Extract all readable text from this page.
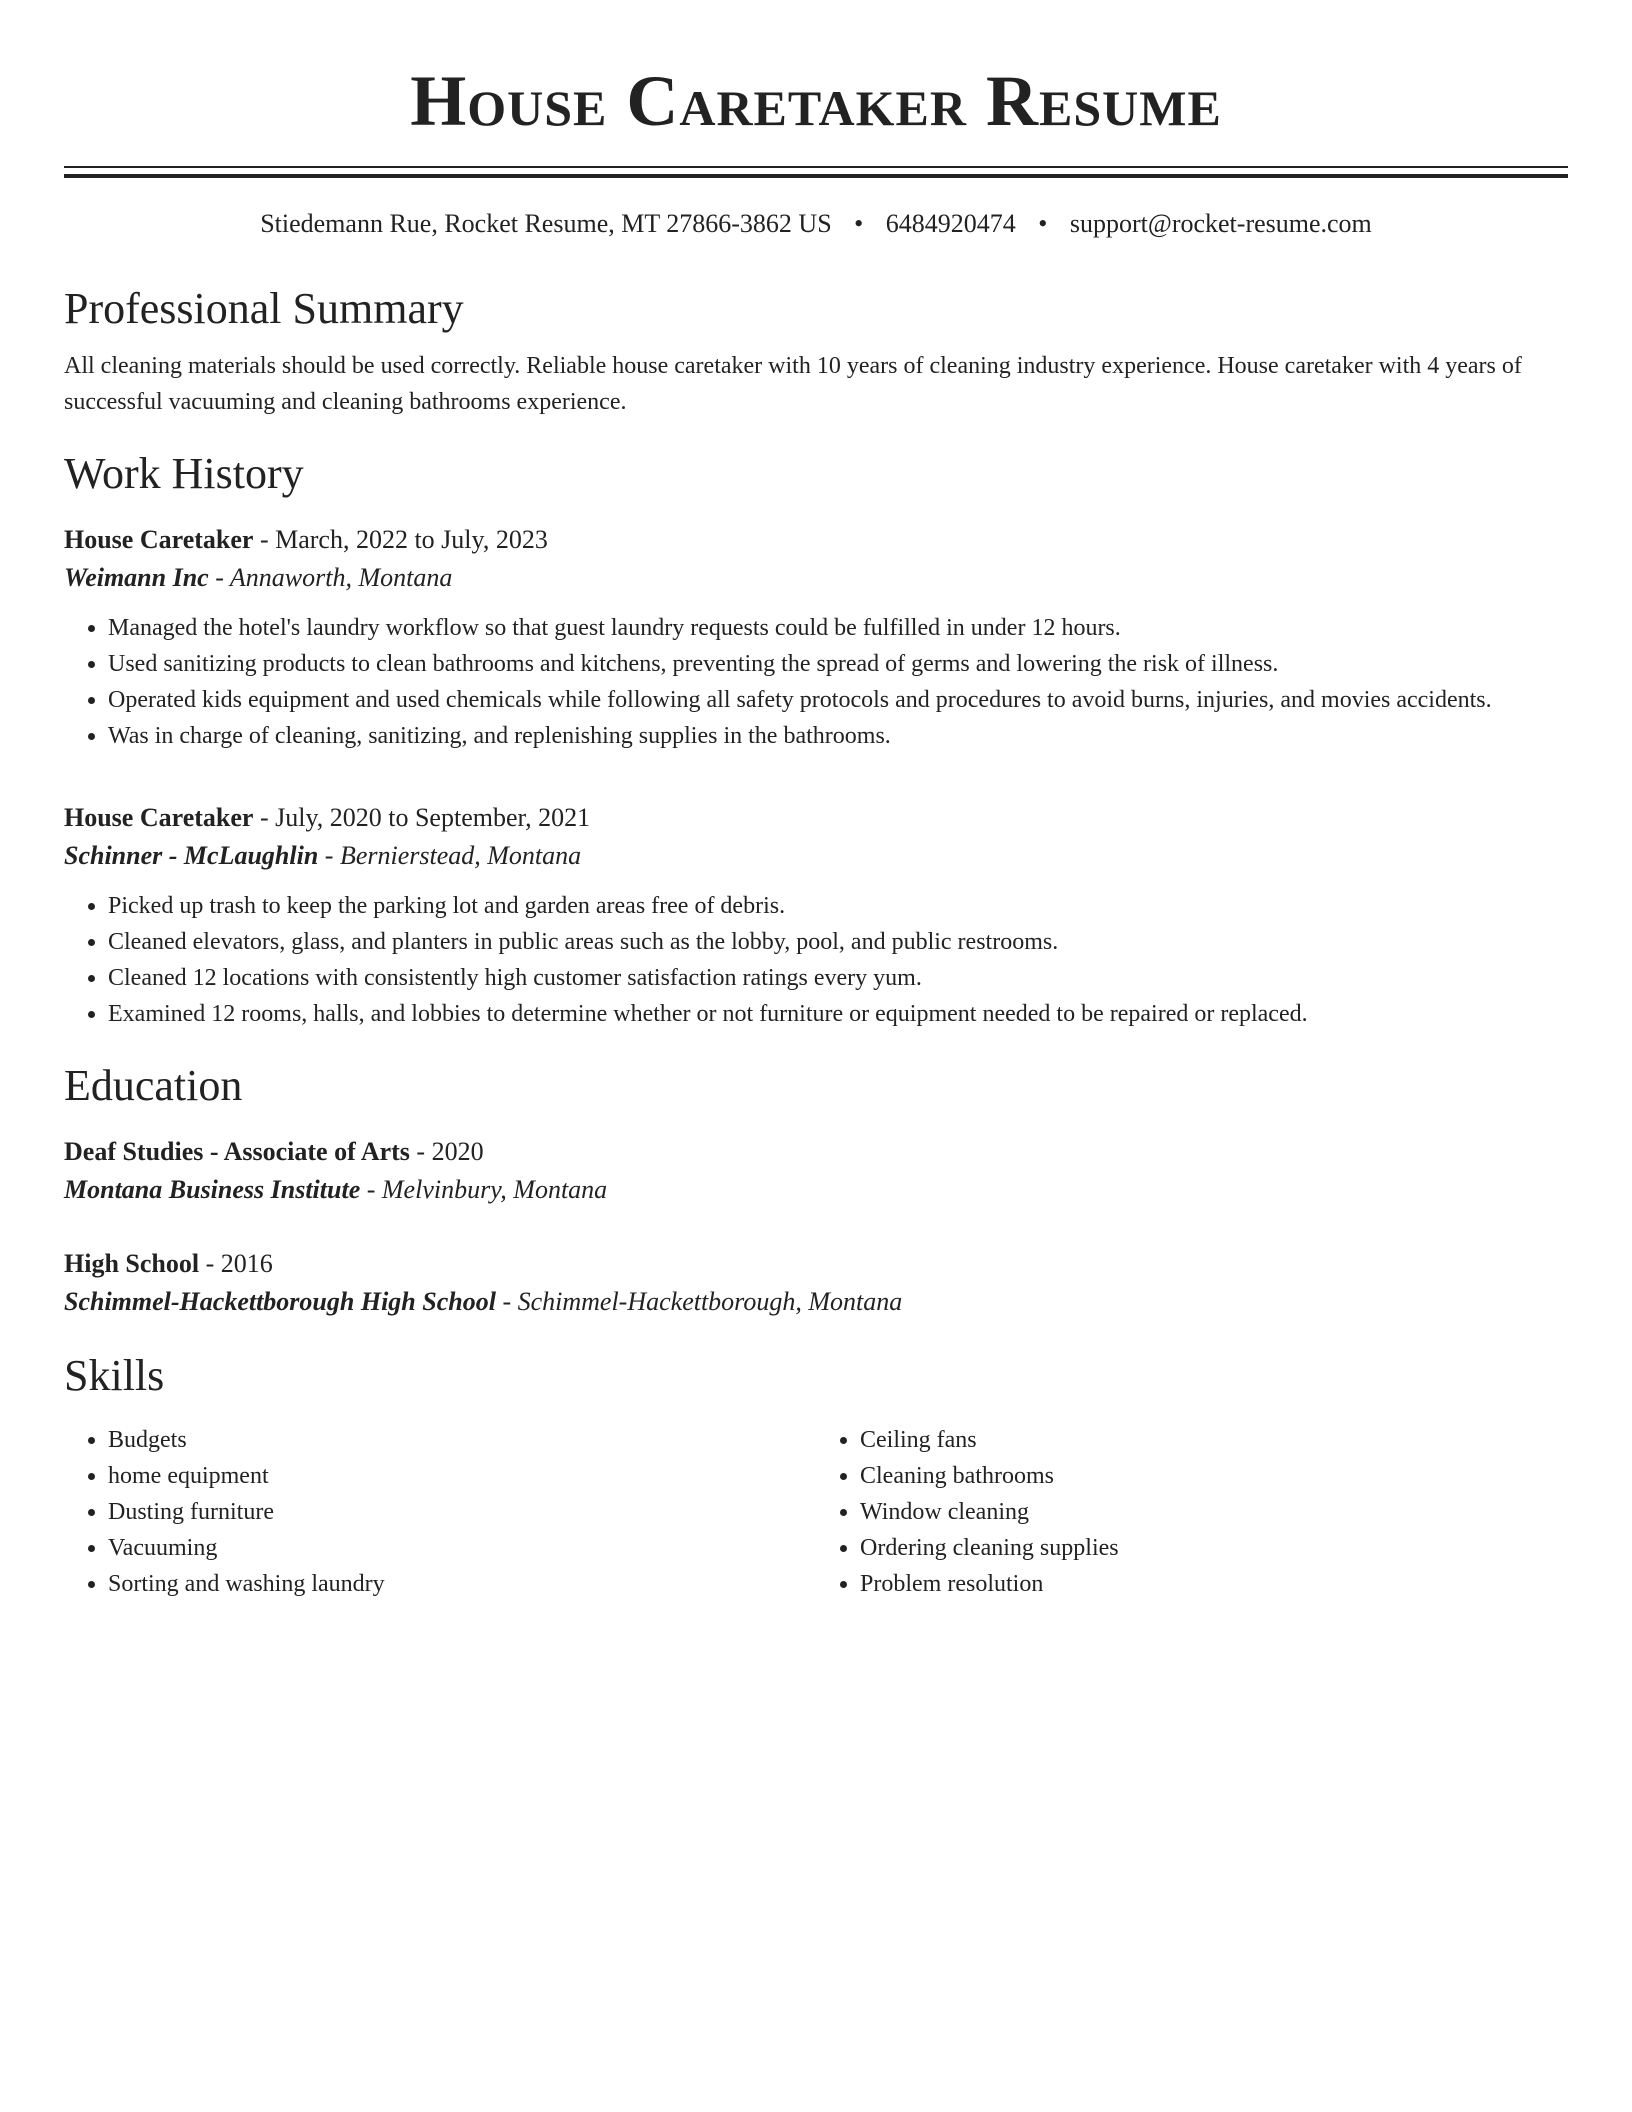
House Caretaker Resume
Stiedemann Rue, Rocket Resume, MT 27866-3862 US • 6484920474 • support@rocket-resume.com
Professional Summary

All cleaning materials should be used correctly. Reliable house caretaker with 10 years of cleaning industry experience. House caretaker with 4 years of successful vacuuming and cleaning bathrooms experience.

Work History
House Caretaker - March, 2022 to July, 2023
Weimann Inc - Annaworth, Montana
• Managed the hotel's laundry workflow so that guest laundry requests could be fulfilled in under 12 hours.
• Used sanitizing products to clean bathrooms and kitchens, preventing the spread of germs and lowering the risk of illness.
• Operated kids equipment and used chemicals while following all safety protocols and procedures to avoid burns, injuries, and movies accidents.
• Was in charge of cleaning, sanitizing, and replenishing supplies in the bathrooms.
House Caretaker - July, 2020 to September, 2021
Schinner - McLaughlin - Bernierstead, Montana
• Picked up trash to keep the parking lot and garden areas free of debris.
• Cleaned elevators, glass, and planters in public areas such as the lobby, pool, and public restrooms.
• Cleaned 12 locations with consistently high customer satisfaction ratings every yum.
• Examined 12 rooms, halls, and lobbies to determine whether or not furniture or equipment needed to be repaired or replaced.
Education
Deaf Studies - Associate of Arts - 2020
Montana Business Institute - Melvinbury, Montana
High School - 2016
Schimmel-Hackettborough High School - Schimmel-Hackettborough, Montana
Skills
• Budgets
• home equipment
• Dusting furniture
• Vacuuming
• Sorting and washing laundry
• Ceiling fans
• Cleaning bathrooms
• Window cleaning
• Ordering cleaning supplies
• Problem resolution
